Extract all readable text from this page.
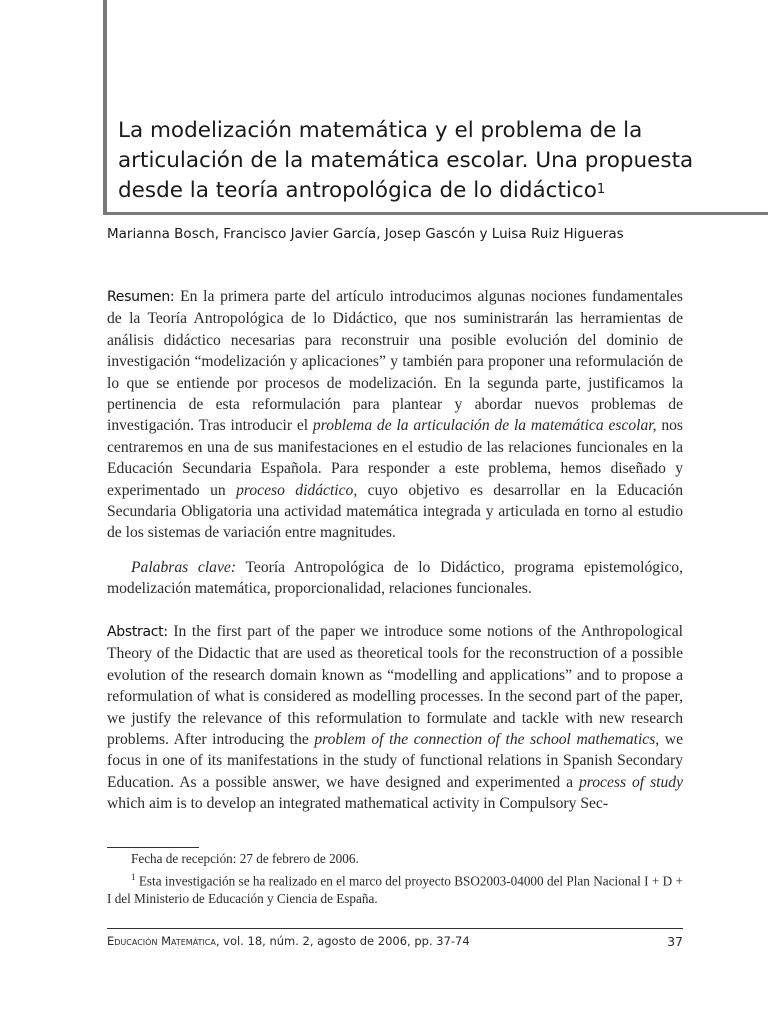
La modelización matemática y el problema de la articulación de la matemática escolar. Una propuesta desde la teoría antropológica de lo didáctico$^1$
Marianna Bosch, Francisco Javier García, Josep Gascón y Luisa Ruiz Higueras

Resumen: En la primera parte del artículo introducimos algunas nociones fundamentales de la Teoría Antropológica de lo Didáctico, que nos suministrarán las herramientas de análisis didáctico necesarias para reconstruir una posible evolución del dominio de investigación “modelización y aplicaciones” y también para proponer una reformulación de lo que se entiende por procesos de modelización. En la segunda parte, justificamos la pertinencia de esta reformulación para plantear y abordar nuevos problemas de investigación. Tras introducir el problema de la articulación de la matemática escolar, nos centraremos en una de sus manifestaciones en el estudio de las relaciones funcionales en la Educación Secundaria Española. Para responder a este problema, hemos diseñado y experimentado un proceso didáctico, cuyo objetivo es desarrollar en la Educación Secundaria Obligatoria una actividad matemática integrada y articulada en torno al estudio de los sistemas de variación entre magnitudes.

Palabras clave: Teoría Antropológica de lo Didáctico, programa epistemológico, modelización matemática, proporcionalidad, relaciones funcionales.

Abstract: In the first part of the paper we introduce some notions of the Anthropological Theory of the Didactic that are used as theoretical tools for the reconstruction of a possible evolution of the research domain known as “modelling and applications” and to propose a reformulation of what is considered as modelling processes. In the second part of the paper, we justify the relevance of this reformulation to formulate and tackle with new research problems. After introducing the problem of the connection of the school mathematics, we focus in one of its manifestations in the study of functional relations in Spanish Secondary Education. As a possible answer, we have designed and experimented a process of study which aim is to develop an integrated mathematical activity in Compulsory Sec-

Fecha de recepción: 27 de febrero de 2006.

$^1$ Esta investigación se ha realizado en el marco del proyecto BSO2003-04000 del Plan Nacional I + D + I del Ministerio de Educación y Ciencia de España.

Educación Matemática, vol. 18, núm. 2, agosto de 2006, pp. 37-74	37
